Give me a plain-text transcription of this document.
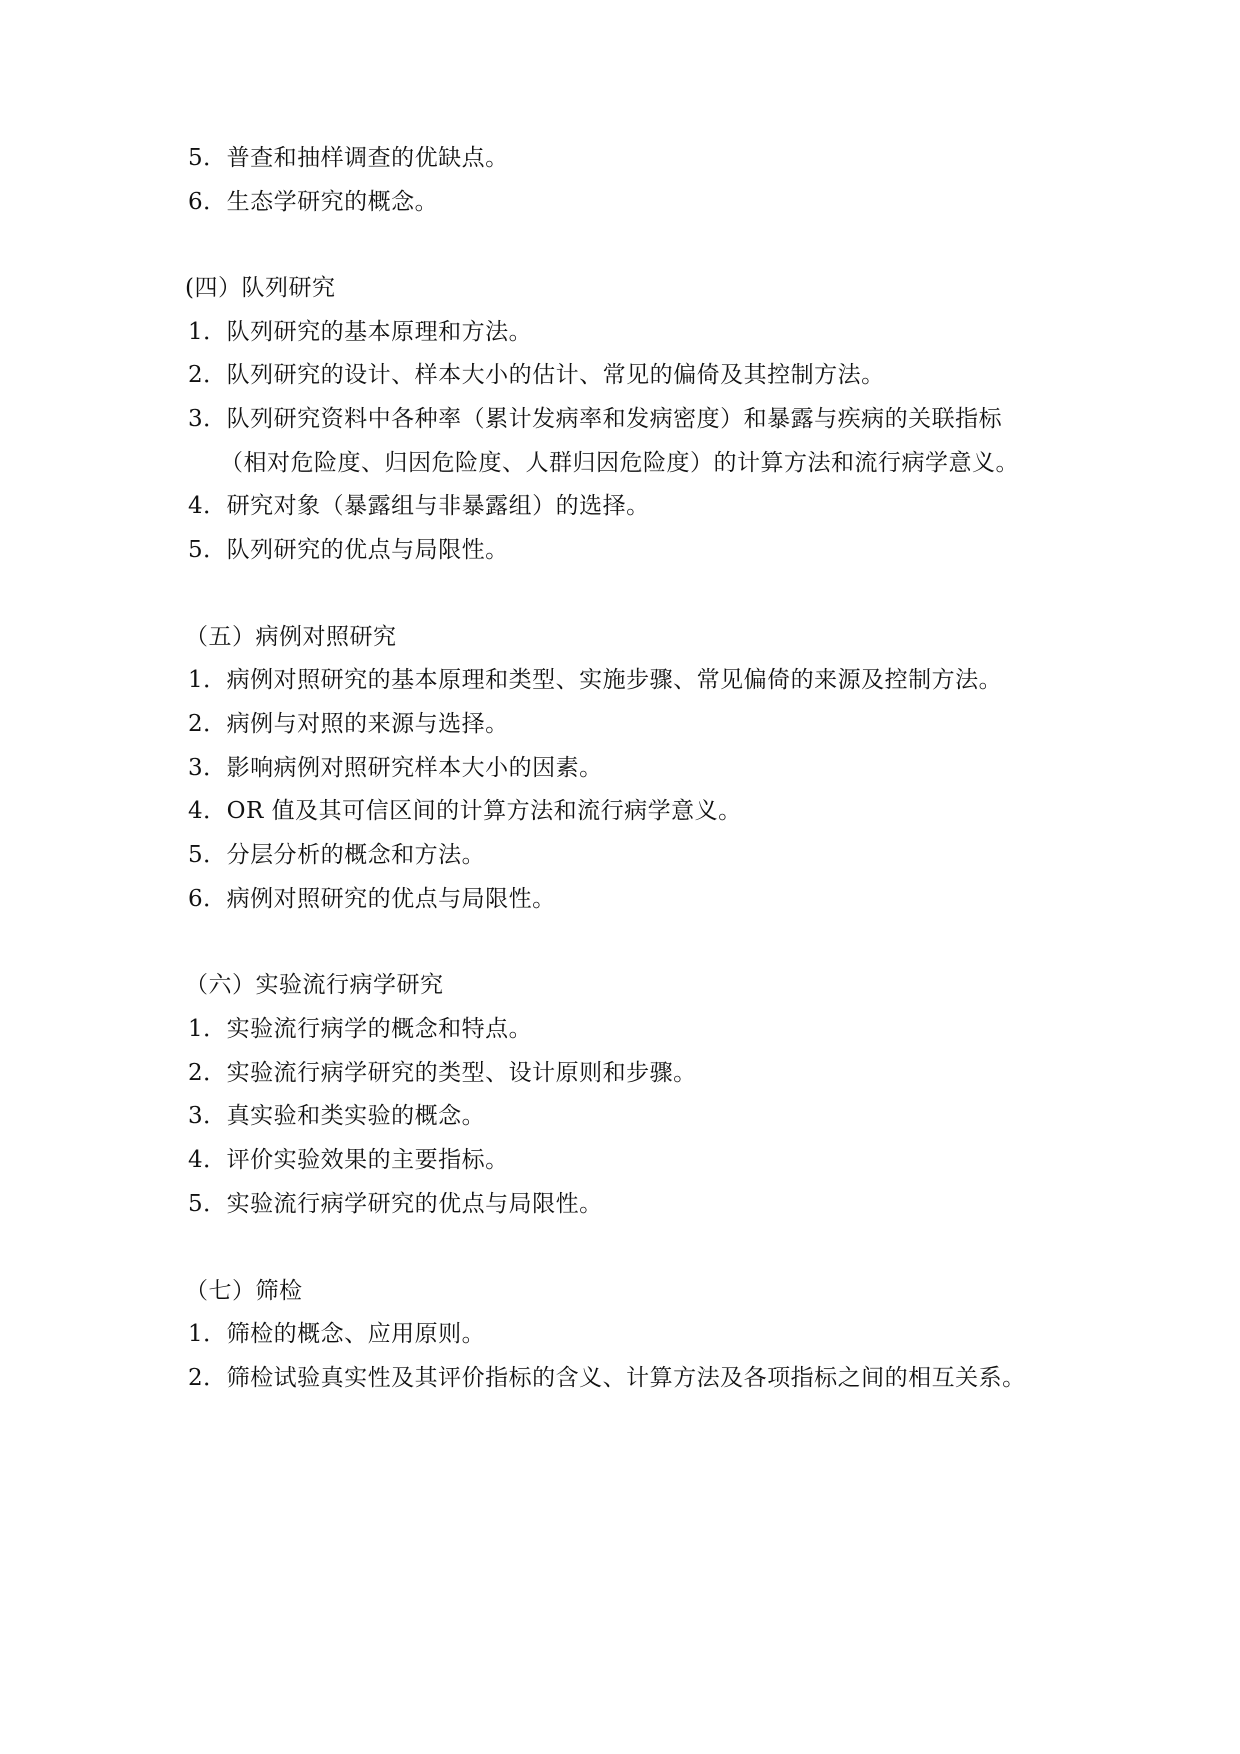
5．普查和抽样调查的优缺点。
6．生态学研究的概念。
(四）队列研究
1．队列研究的基本原理和方法。
2．队列研究的设计、样本大小的估计、常见的偏倚及其控制方法。
3．队列研究资料中各种率（累计发病率和发病密度）和暴露与疾病的关联指标
（相对危险度、归因危险度、人群归因危险度）的计算方法和流行病学意义。
4．研究对象（暴露组与非暴露组）的选择。
5．队列研究的优点与局限性。
（五）病例对照研究
1．病例对照研究的基本原理和类型、实施步骤、常见偏倚的来源及控制方法。
2．病例与对照的来源与选择。
3．影响病例对照研究样本大小的因素。
4．OR 值及其可信区间的计算方法和流行病学意义。
5．分层分析的概念和方法。
6．病例对照研究的优点与局限性。
（六）实验流行病学研究
1．实验流行病学的概念和特点。
2．实验流行病学研究的类型、设计原则和步骤。
3．真实验和类实验的概念。
4．评价实验效果的主要指标。
5．实验流行病学研究的优点与局限性。
（七）筛检
1．筛检的概念、应用原则。
2．筛检试验真实性及其评价指标的含义、计算方法及各项指标之间的相互关系。
